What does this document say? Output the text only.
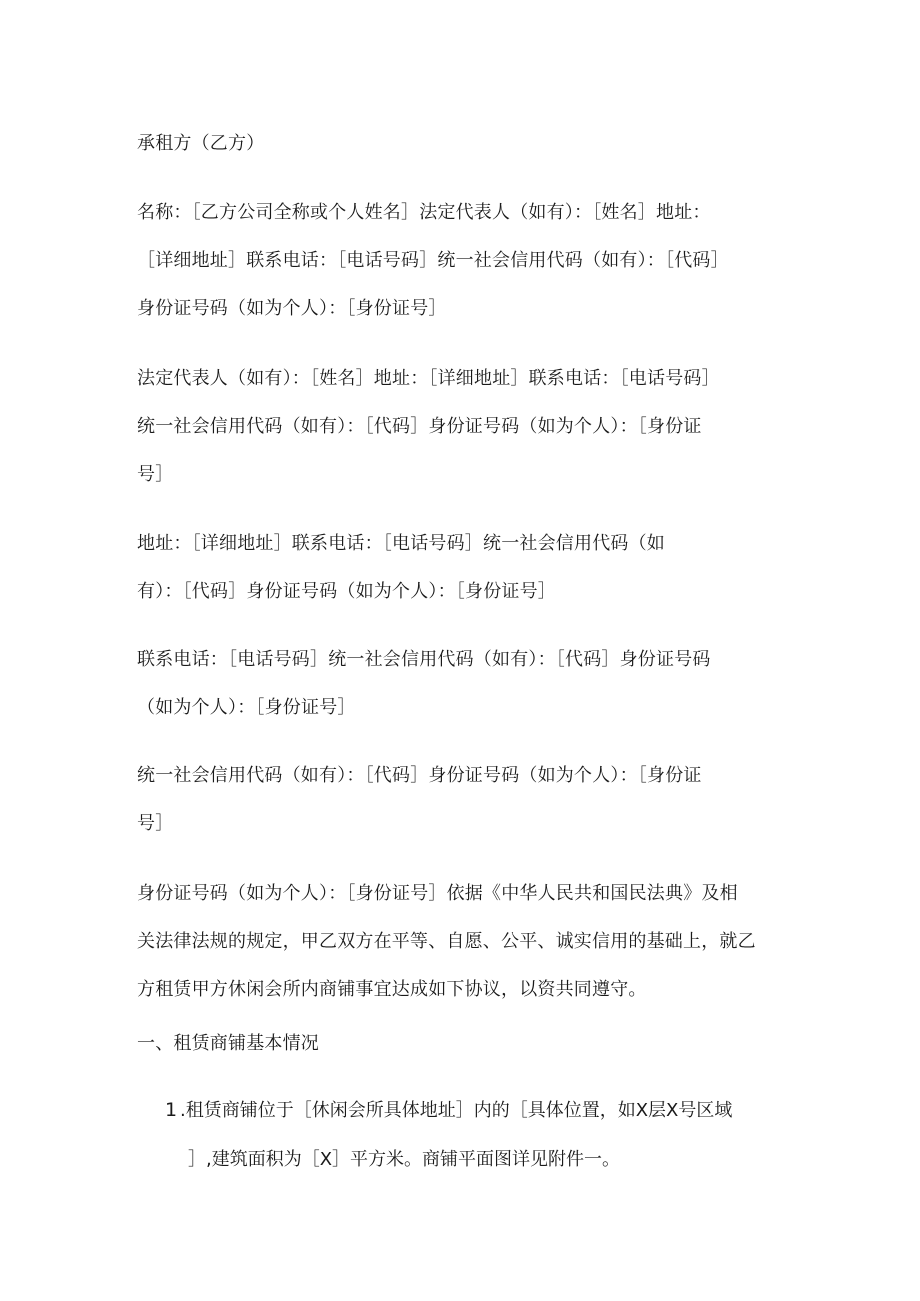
承租方（乙方）
名称：［乙方公司全称或个人姓名］法定代表人（如有）：［姓名］地址：
［详细地址］联系电话：［电话号码］统一社会信用代码（如有）：［代码］
身份证号码（如为个人）：［身份证号］
法定代表人（如有）：［姓名］地址：［详细地址］联系电话：［电话号码］
统一社会信用代码（如有）：［代码］身份证号码（如为个人）：［身份证
号］
地址：［详细地址］联系电话：［电话号码］统一社会信用代码（如
有）：［代码］身份证号码（如为个人）：［身份证号］
联系电话：［电话号码］统一社会信用代码（如有）：［代码］身份证号码
（如为个人）：［身份证号］
统一社会信用代码（如有）：［代码］身份证号码（如为个人）：［身份证
号］
身份证号码（如为个人）：［身份证号］依据《中华人民共和国民法典》及相
关法律法规的规定，甲乙双方在平等、自愿、公平、诚实信用的基础上，就乙
方租赁甲方休闲会所内商铺事宜达成如下协议，以资共同遵守。
一、租赁商铺基本情况
1 .租赁商铺位于［休闲会所具体地址］内的［具体位置，如X层X号区域
］,建筑面积为［X］平方米。商铺平面图详见附件一。
